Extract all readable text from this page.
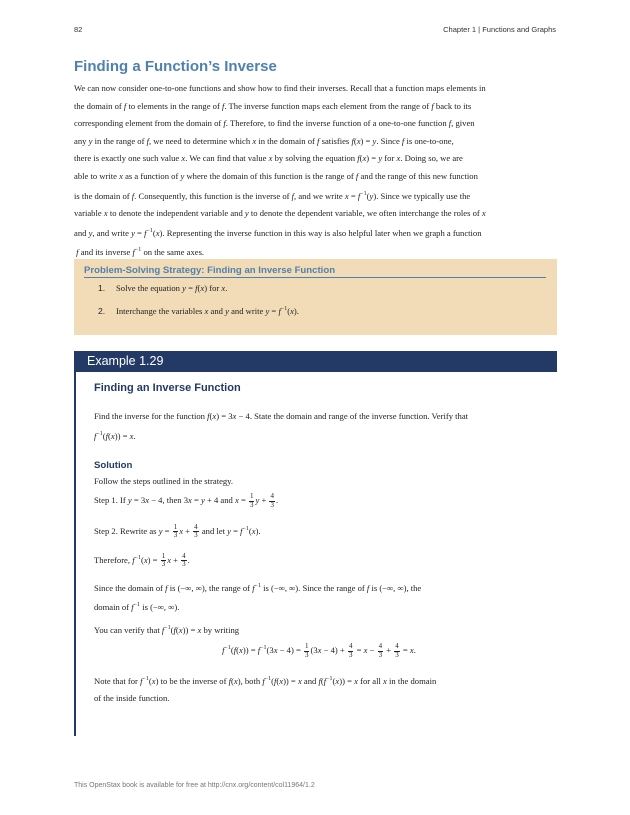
82	Chapter 1 | Functions and Graphs
Finding a Function’s Inverse
We can now consider one-to-one functions and show how to find their inverses. Recall that a function maps elements in
the domain of f to elements in the range of f. The inverse function maps each element from the range of f back to its
corresponding element from the domain of f. Therefore, to find the inverse function of a one-to-one function f, given
any y in the range of f, we need to determine which x in the domain of f satisfies f(x) = y. Since f is one-to-one,
there is exactly one such value x. We can find that value x by solving the equation f(x) = y for x. Doing so, we are
able to write x as a function of y where the domain of this function is the range of f and the range of this new function
is the domain of f. Consequently, this function is the inverse of f, and we write $x = f^{-1}(y)$. Since we typically use the
variable x to denote the independent variable and y to denote the dependent variable, we often interchange the roles of x
and y, and write $y = f^{-1}(x)$. Representing the inverse function in this way is also helpful later when we graph a function
f and its inverse $f^{-1}$ on the same axes.
Problem-Solving Strategy: Finding an Inverse Function
1. Solve the equation y = f(x) for x.
2. Interchange the variables x and y and write $y = f^{-1}(x)$.
Example 1.29
Finding an Inverse Function
Find the inverse for the function f(x) = 3x − 4. State the domain and range of the inverse function. Verify that
$f^{-1}(f(x)) = x$.
Solution
Follow the steps outlined in the strategy.
Step 1. If y = 3x − 4, then 3x = y + 4 and $x = \frac{1}{3}$ $y + \frac{4}{3}$ .
Step 2. Rewrite as $y = \frac{1}{3}$ $x + \frac{4}{3}$ and let $y = f^{-1}(x)$.
Therefore, $f^{-1}(x) = \frac{1}{3}$ $x + \frac{4}{3}$ .
Since the domain of f is (−∞, ∞), the range of $f^{-1}$ is (−∞, ∞). Since the range of f is (−∞, ∞), the
domain of $f^{-1}$ is (−∞, ∞).
You can verify that $f^{-1}(f(x)) = x$ by writing
$f^{-1}(f(x)) = f^{-1}(3x - 4) = \frac{1}{3} (3x - 4) + \frac{4}{3} = x - \frac{4}{3} + \frac{4}{3} = x$.
Note that for $f^{-1}(x)$ to be the inverse of f(x), both $f^{-1}(f(x)) = x$ and $f(f^{-1}(x)) = x$ for all x in the domain
of the inside function.
This OpenStax book is available for free at http://cnx.org/content/col11964/1.2
